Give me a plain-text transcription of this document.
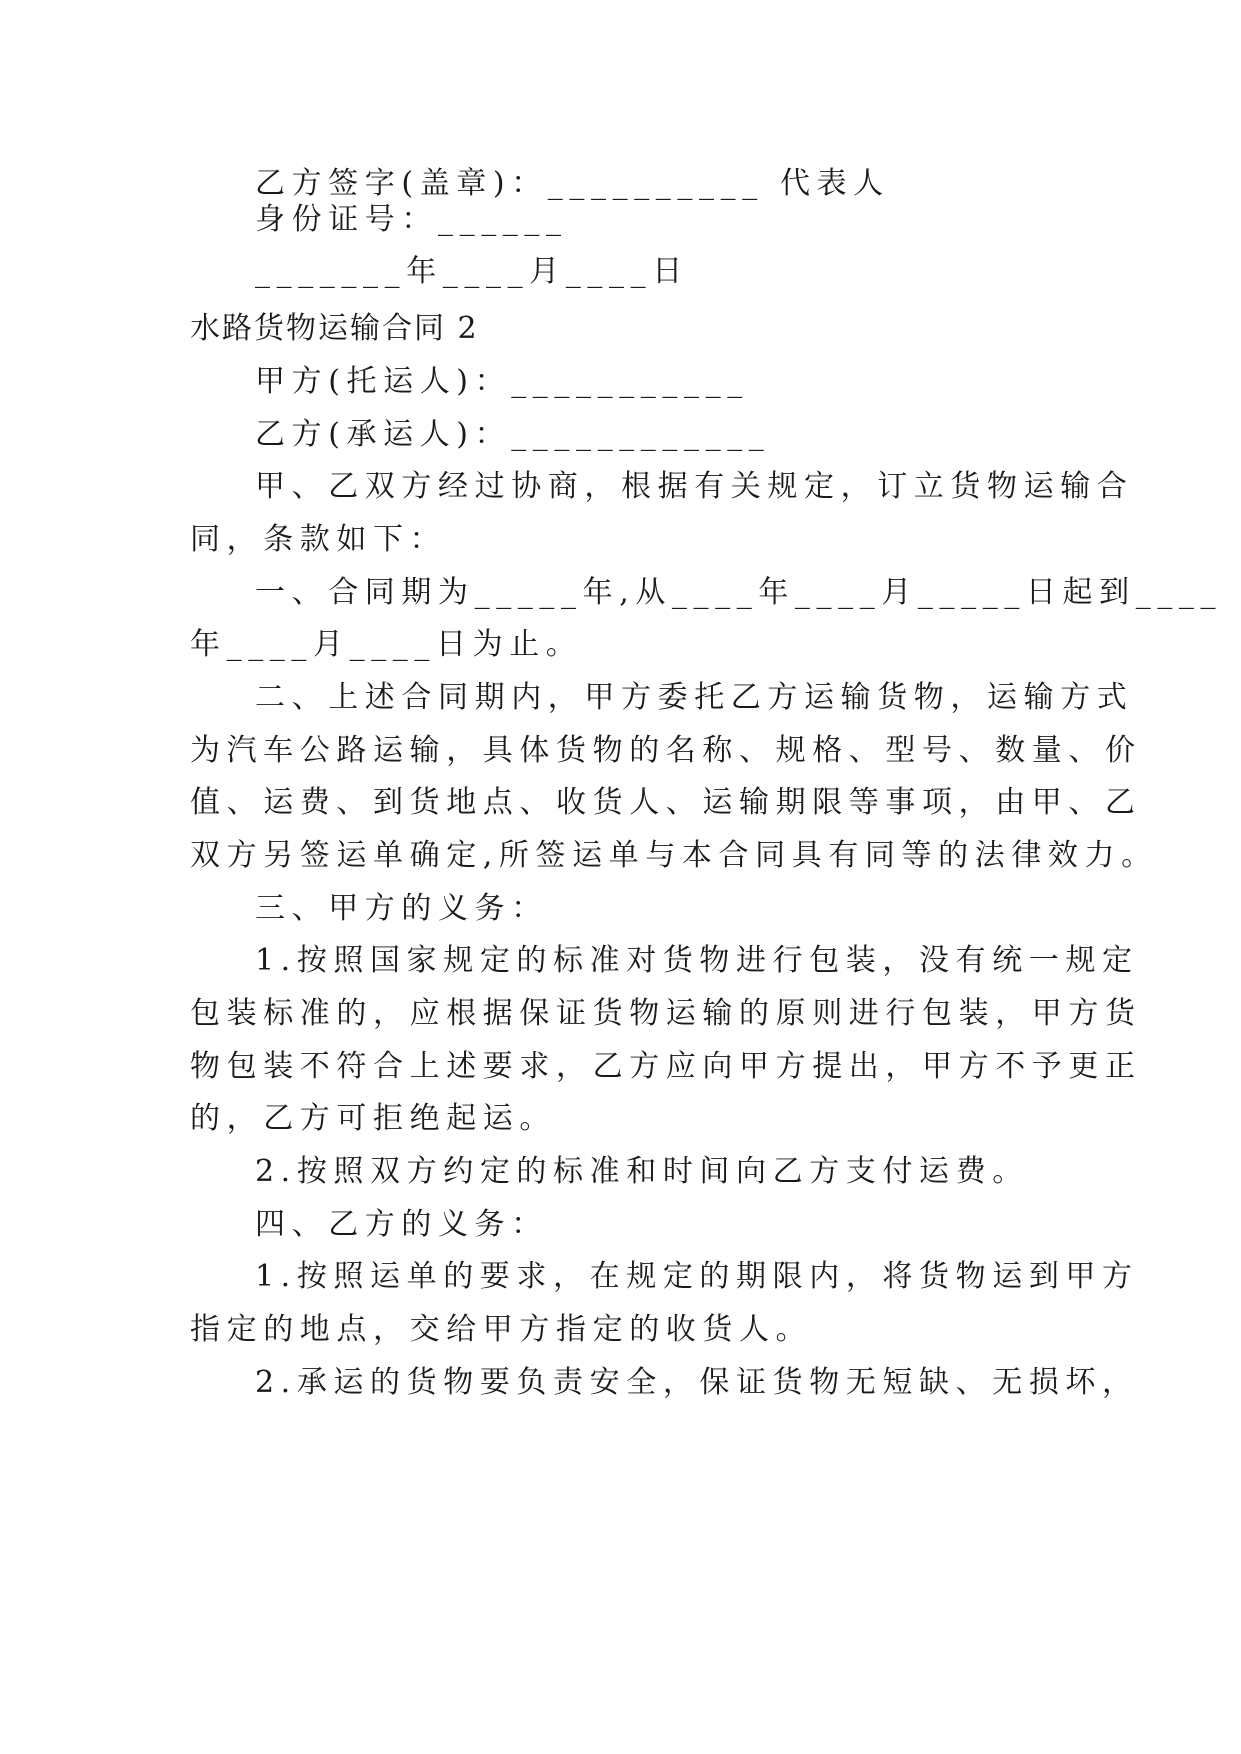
乙方签字(盖章)：__________ 代表人
身份证号：______
_______年____月____日
水路货物运输合同 2
甲方(托运人)：___________
乙方(承运人)：____________
甲、乙双方经过协商，根据有关规定，订立货物运输合
同，条款如下：
一、合同期为_____年,从____年____月_____日起到____
年____月____日为止。
二、上述合同期内，甲方委托乙方运输货物，运输方式
为汽车公路运输，具体货物的名称、规格、型号、数量、价
值、运费、到货地点、收货人、运输期限等事项，由甲、乙
双方另签运单确定,所签运单与本合同具有同等的法律效力。
三、甲方的义务：
1.按照国家规定的标准对货物进行包装，没有统一规定
包装标准的，应根据保证货物运输的原则进行包装，甲方货
物包装不符合上述要求，乙方应向甲方提出，甲方不予更正
的，乙方可拒绝起运。
2.按照双方约定的标准和时间向乙方支付运费。
四、乙方的义务：
1.按照运单的要求，在规定的期限内，将货物运到甲方
指定的地点，交给甲方指定的收货人。
2.承运的货物要负责安全，保证货物无短缺、无损坏，
